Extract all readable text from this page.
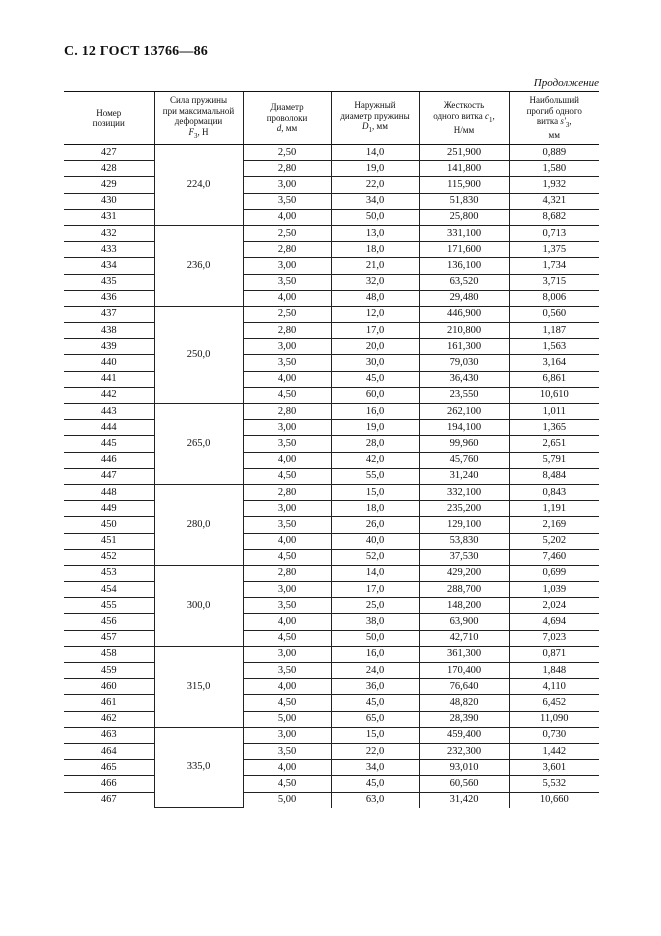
С. 12 ГОСТ 13766—86
Продолжение
Номер
позиции	Сила пружины
при максимальной
деформации
$F_3$, Н	Диаметр
проволоки
d, мм	Наружный
диаметр пружины
$D_1$, мм	Жесткость
одного витка $c_1$,
Н/мм	Наибольший
прогиб одного
витка $s'_3$,
мм
427	224,0	2,50	14,0	251,900	0,889
428		2,80	19,0	141,800	1,580
429		3,00	22,0	115,900	1,932
430		3,50	34,0	51,830	4,321
431		4,00	50,0	25,800	8,682
432	236,0	2,50	13,0	331,100	0,713
433		2,80	18,0	171,600	1,375
434		3,00	21,0	136,100	1,734
435		3,50	32,0	63,520	3,715
436		4,00	48,0	29,480	8,006
437	250,0	2,50	12,0	446,900	0,560
438		2,80	17,0	210,800	1,187
439		3,00	20,0	161,300	1,563
440		3,50	30,0	79,030	3,164
441		4,00	45,0	36,430	6,861
442		4,50	60,0	23,550	10,610
443	265,0	2,80	16,0	262,100	1,011
444		3,00	19,0	194,100	1,365
445		3,50	28,0	99,960	2,651
446		4,00	42,0	45,760	5,791
447		4,50	55,0	31,240	8,484
448	280,0	2,80	15,0	332,100	0,843
449		3,00	18,0	235,200	1,191
450		3,50	26,0	129,100	2,169
451		4,00	40,0	53,830	5,202
452		4,50	52,0	37,530	7,460
453	300,0	2,80	14,0	429,200	0,699
454		3,00	17,0	288,700	1,039
455		3,50	25,0	148,200	2,024
456		4,00	38,0	63,900	4,694
457		4,50	50,0	42,710	7,023
458	315,0	3,00	16,0	361,300	0,871
459		3,50	24,0	170,400	1,848
460		4,00	36,0	76,640	4,110
461		4,50	45,0	48,820	6,452
462		5,00	65,0	28,390	11,090
463	335,0	3,00	15,0	459,400	0,730
464		3,50	22,0	232,300	1,442
465		4,00	34,0	93,010	3,601
466		4,50	45,0	60,560	5,532
467		5,00	63,0	31,420	10,660
